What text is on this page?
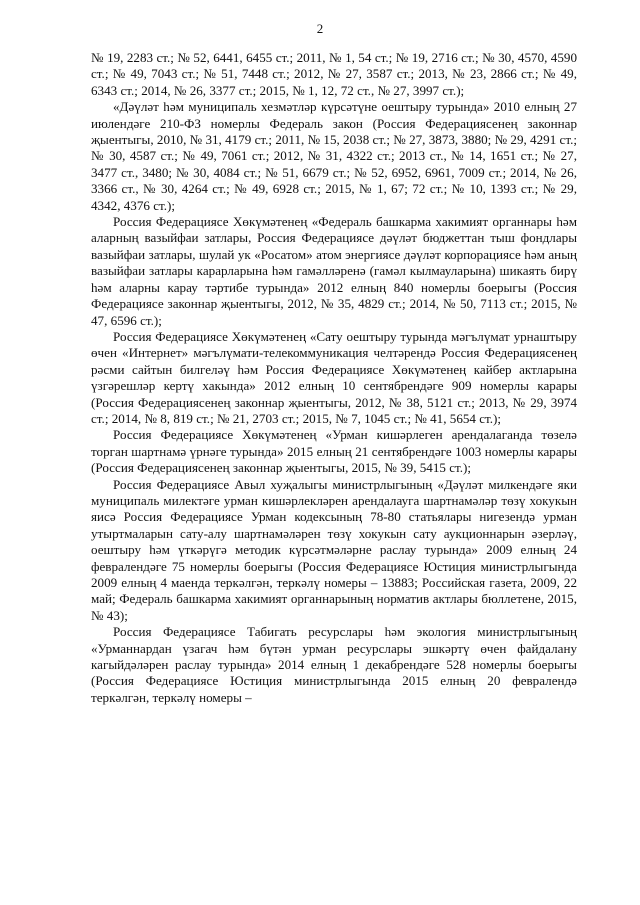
2

№ 19, 2283 ст.; № 52, 6441, 6455 ст.; 2011, № 1, 54 ст.; № 19, 2716 ст.; № 30, 4570, 4590 ст.; № 49, 7043 ст.; № 51, 7448 ст.; 2012, № 27, 3587 ст.; 2013, № 23, 2866 ст.; № 49, 6343 ст.; 2014, № 26, 3377 ст.; 2015, № 1, 12, 72 ст., № 27, 3997 ст.);

«Дәүләт һәм муниципаль хезмәтләр күрсәтүне оештыру турында» 2010 елның 27 июлендәге 210-ФЗ номерлы Федераль закон (Россия Федерациясенең законнар җыентыгы, 2010, № 31, 4179 ст.; 2011, № 15, 2038 ст.; № 27, 3873, 3880; № 29, 4291 ст.; № 30, 4587 ст.; № 49, 7061 ст.; 2012, № 31, 4322 ст.; 2013 ст., № 14, 1651 ст.; № 27, 3477 ст., 3480; № 30, 4084 ст.; № 51, 6679 ст.; № 52, 6952, 6961, 7009 ст.; 2014, № 26, 3366 ст., № 30, 4264 ст.; № 49, 6928 ст.; 2015, № 1, 67; 72 ст.; № 10, 1393 ст.; № 29, 4342, 4376 ст.);

Россия Федерациясе Хөкүмәтенең «Федераль башкарма хакимият органнары һәм аларның вазыйфаи затлары, Россия Федерациясе дәүләт бюджеттан тыш фондлары вазыйфаи затлары, шулай ук «Росатом» атом энергиясе дәүләт корпорациясе һәм аның вазыйфаи затлары карарларына һәм гамәлләренә (гамәл кылмауларына) шикаять бирү һәм аларны карау тәртибе турында» 2012 елның 840 номерлы боерыгы (Россия Федерациясе законнар җыентыгы, 2012, № 35, 4829 ст.; 2014, № 50, 7113 ст.; 2015, № 47, 6596 ст.);

Россия Федерациясе Хөкүмәтенең «Сату оештыру турында мәгълүмат урнаштыру өчен «Интернет» мәгълүмати-телекоммуникация челтәрендә Россия Федерациясенең рәсми сайтын билгеләү һәм Россия Федерациясе Хөкүмәтенең кайбер актларына үзгәрешләр кертү хакында» 2012 елның 10 сентябрендәге 909 номерлы карары (Россия Федерациясенең законнар җыентыгы, 2012, № 38, 5121 ст.; 2013, № 29, 3974 ст.; 2014, № 8, 819 ст.; № 21, 2703 ст.; 2015, № 7, 1045 ст.; № 41, 5654 ст.);

Россия Федерациясе Хөкүмәтенең «Урман кишәрлеген арендалаганда төзелә торган шартнамә үрнәге турында» 2015 елның 21 сентябрендәге 1003 номерлы карары (Россия Федерациясенең законнар җыентыгы, 2015, № 39, 5415 ст.);

Россия Федерациясе Авыл хуҗалыгы министрлыгының «Дәүләт милкендәге яки муниципаль милектәге урман кишәрлекләрен арендалауга шартнамәләр төзү хокукын яисә Россия Федерациясе Урман кодексының 78-80 статьялары нигезендә урман утыртмаларын сату-алу шартнамәләрен төзү хокукын сату аукционнарын әзерләү, оештыру һәм үткәрүгә методик күрсәтмәләрне раслау турында» 2009 елның 24 февралендәге 75 номерлы боерыгы (Россия Федерациясе Юстиция министрлыгында 2009 елның 4 маенда теркәлгән, теркәлү номеры – 13883; Российская газета, 2009, 22 май; Федераль башкарма хакимият органнарының норматив актлары бюллетене, 2015, № 43);

Россия Федерациясе Табигать ресурслары һәм экология министрлыгының «Урманнардан үзагач һәм бүтән урман ресурслары эшкәртү өчен файдалану кагыйдәләрен раслау турында» 2014 елның 1 декабрендәге 528 номерлы боерыгы (Россия Федерациясе Юстиция министрлыгында 2015 елның 20 февралендә теркәлгән, теркәлү номеры –
